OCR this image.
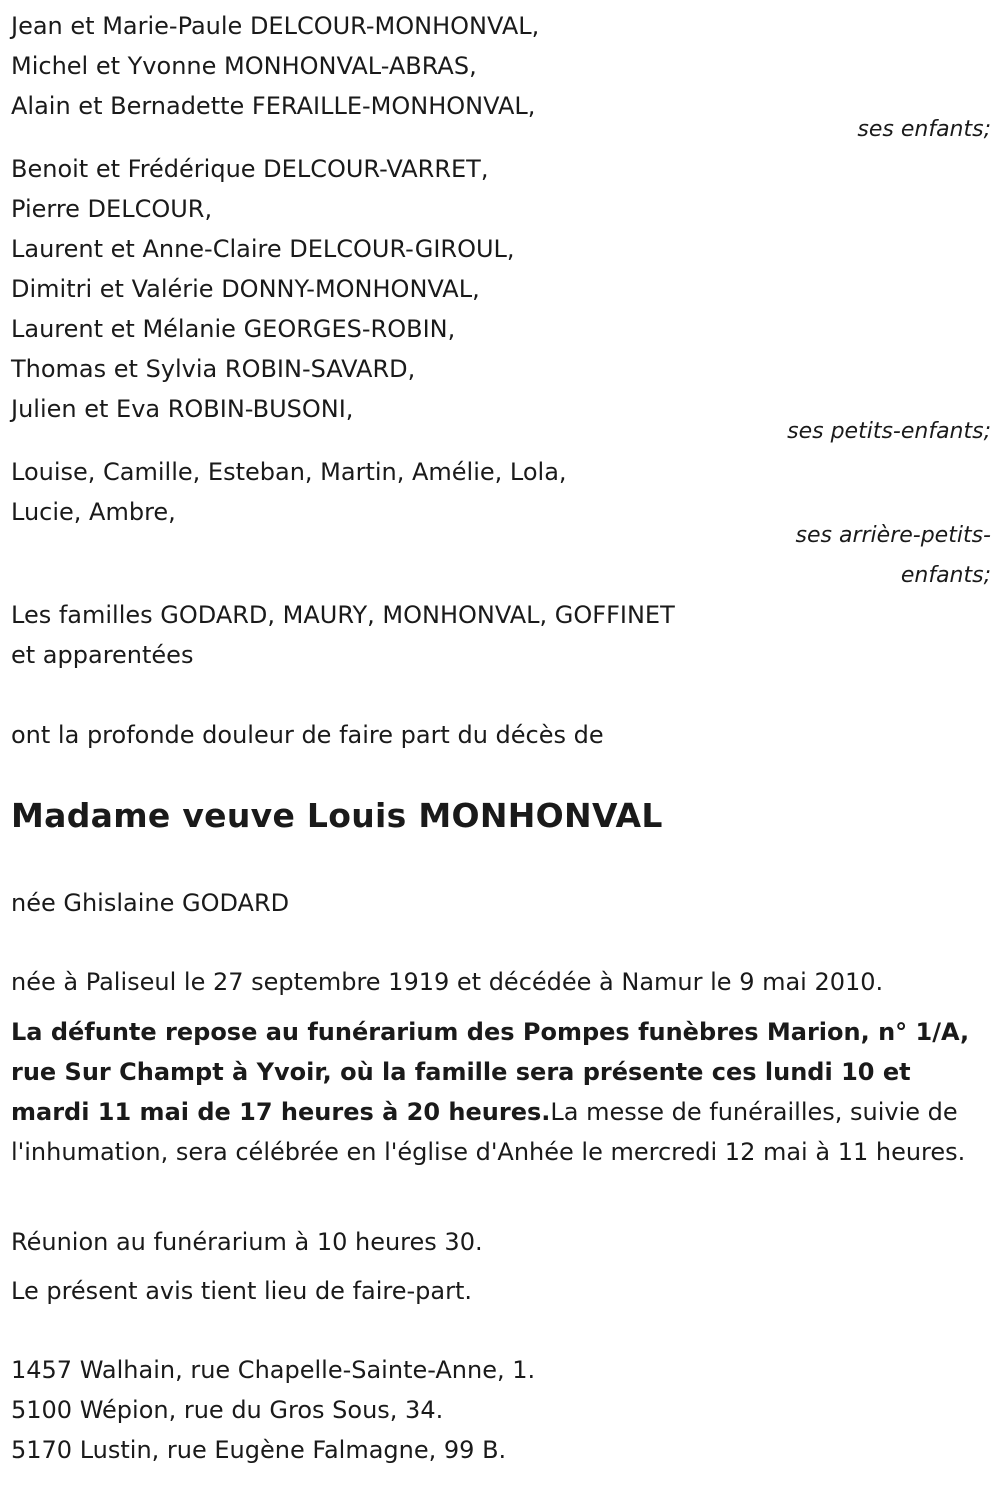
Jean et Marie-Paule DELCOUR-MONHONVAL,
Michel et Yvonne MONHONVAL-ABRAS,
Alain et Bernadette FERAILLE-MONHONVAL,
ses enfants;
Benoit et Frédérique DELCOUR-VARRET,
Pierre DELCOUR,
Laurent et Anne-Claire DELCOUR-GIROUL,
Dimitri et Valérie DONNY-MONHONVAL,
Laurent et Mélanie GEORGES-ROBIN,
Thomas et Sylvia ROBIN-SAVARD,
Julien et Eva ROBIN-BUSONI,
ses petits-enfants;
Louise, Camille, Esteban, Martin, Amélie, Lola,
Lucie, Ambre,
ses arrière-petits-
enfants;
Les familles GODARD, MAURY, MONHONVAL, GOFFINET
et apparentées
ont la profonde douleur de faire part du décès de
Madame veuve Louis MONHONVAL
née Ghislaine GODARD
née à Paliseul le 27 septembre 1919 et décédée à Namur le 9 mai 2010.
La défunte repose au funérarium des Pompes funèbres Marion, n° 1/A, rue Sur Champt à Yvoir, où la famille sera présente ces lundi 10 et mardi 11 mai de 17 heures à 20 heures.La messe de funérailles, suivie de l'inhumation, sera célébrée en l'église d'Anhée le mercredi 12 mai à 11 heures.
Réunion au funérarium à 10 heures 30.
Le présent avis tient lieu de faire-part.
1457 Walhain, rue Chapelle-Sainte-Anne, 1.
5100 Wépion, rue du Gros Sous, 34.
5170 Lustin, rue Eugène Falmagne, 99 B.
